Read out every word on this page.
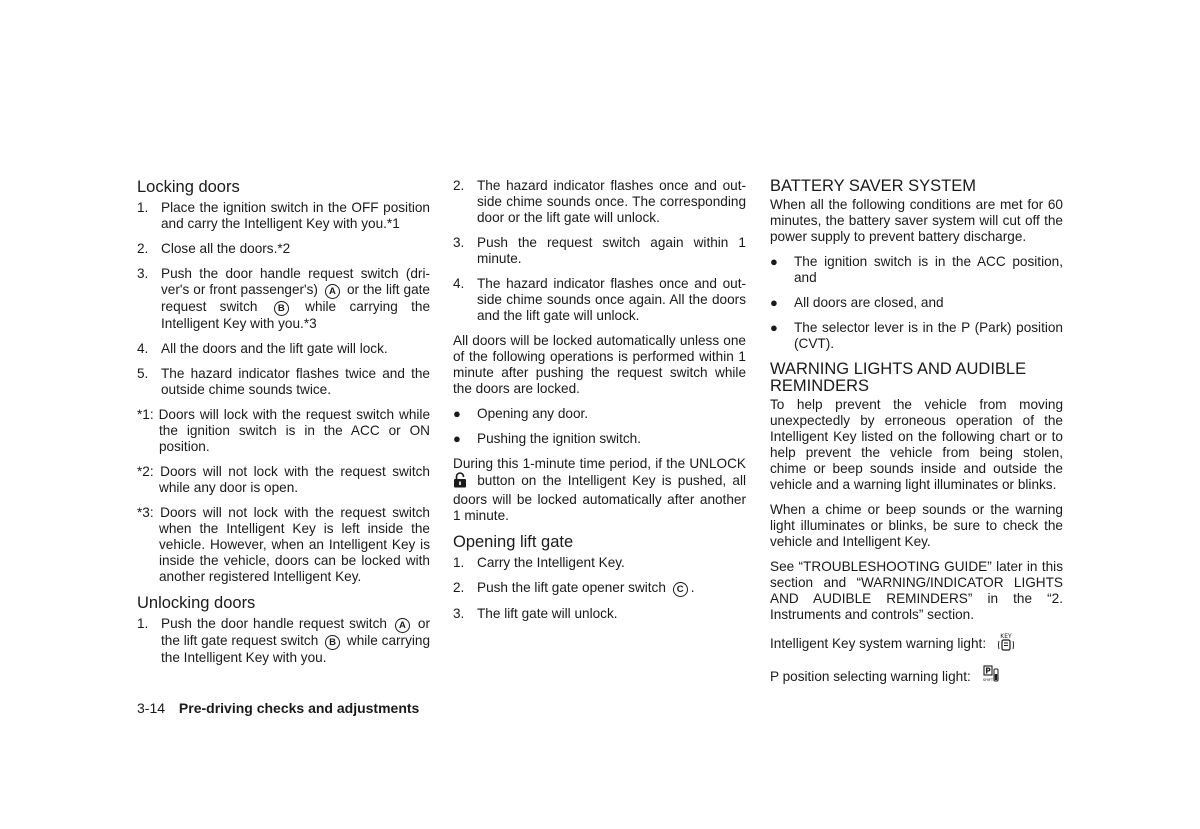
Locking doors
1. Place the ignition switch in the OFF position and carry the Intelligent Key with you.*1
2. Close all the doors.*2
3. Push the door handle request switch (dri-ver's or front passenger's) A or the lift gate request switch B while carrying the Intelligent Key with you.*3
4. All the doors and the lift gate will lock.
5. The hazard indicator flashes twice and the outside chime sounds twice.
*1: Doors will lock with the request switch while the ignition switch is in the ACC or ON position.
*2: Doors will not lock with the request switch while any door is open.
*3: Doors will not lock with the request switch when the Intelligent Key is left inside the vehicle. However, when an Intelligent Key is inside the vehicle, doors can be locked with another registered Intelligent Key.
Unlocking doors
1. Push the door handle request switch A or the lift gate request switch B while carrying the Intelligent Key with you.
2. The hazard indicator flashes once and out-side chime sounds once. The corresponding door or the lift gate will unlock.
3. Push the request switch again within 1 minute.
4. The hazard indicator flashes once and out-side chime sounds once again. All the doors and the lift gate will unlock.
All doors will be locked automatically unless one of the following operations is performed within 1 minute after pushing the request switch while the doors are locked.
●	Opening any door.
●	Pushing the ignition switch.
During this 1-minute time period, if the UNLOCK  button on the Intelligent Key is pushed, all doors will be locked automatically after another 1 minute.
Opening lift gate
1. Carry the Intelligent Key.
2. Push the lift gate opener switch C .
3. The lift gate will unlock.
BATTERY SAVER SYSTEM
When all the following conditions are met for 60 minutes, the battery saver system will cut off the power supply to prevent battery discharge.
●	The ignition switch is in the ACC position, and
●	All doors are closed, and
●	The selector lever is in the P (Park) position (CVT).
WARNING LIGHTS AND AUDIBLE REMINDERS
To help prevent the vehicle from moving unexpectedly by erroneous operation of the Intelligent Key listed on the following chart or to help prevent the vehicle from being stolen, chime or beep sounds inside and outside the vehicle and a warning light illuminates or blinks.
When a chime or beep sounds or the warning light illuminates or blinks, be sure to check the vehicle and Intelligent Key.
See “TROUBLESHOOTING GUIDE” later in this section and “WARNING/INDICATOR LIGHTS AND AUDIBLE REMINDERS” in the “2. Instruments and controls” section.
Intelligent Key system warning light: KEY
P position selecting warning light: P
SHIFT
3-14 Pre-driving checks and adjustments
